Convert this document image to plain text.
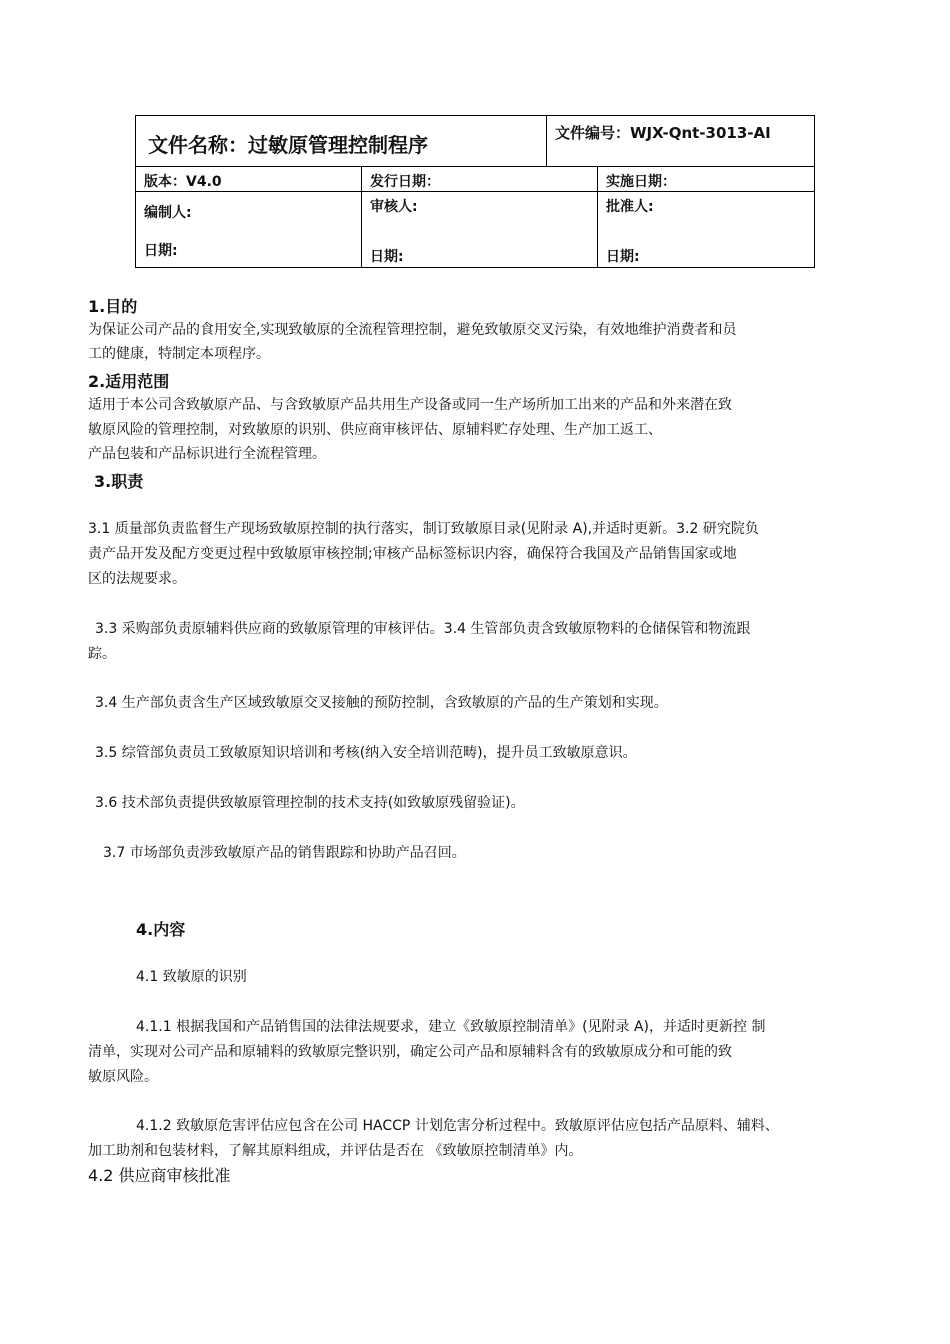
文件名称：过敏原管理控制程序	文件编号：WJX-Qnt-3013-AI
版本：V4.0	发行日期：	实施日期：
编制人:	审核人:	批准人:
日期:	日期:	日期:
1.目的
为保证公司产品的食用安全,实现致敏原的全流程管理控制，避免致敏原交叉污染，有效地维护消费者和员
工的健康，特制定本项程序。
2.适用范围
适用于本公司含致敏原产品、与含致敏原产品共用生产设备或同一生产场所加工出来的产品和外来潜在致
敏原风险的管理控制，对致敏原的识别、供应商审核评估、原辅料贮存处理、生产加工返工、
产品包装和产品标识进行全流程管理。
3.职责
3.1 质量部负责监督生产现场致敏原控制的执行落实，制订致敏原目录(见附录 A),并适时更新。3.2 研究院负
责产品开发及配方变更过程中致敏原审核控制;审核产品标签标识内容，确保符合我国及产品销售国家或地
区的法规要求。
3.3 采购部负责原辅料供应商的致敏原管理的审核评估。3.4 生管部负责含致敏原物料的仓储保管和物流跟
踪。
3.4 生产部负责含生产区域致敏原交叉接触的预防控制，含致敏原的产品的生产策划和实现。
3.5 综管部负责员工致敏原知识培训和考核(纳入安全培训范畴)，提升员工致敏原意识。
3.6 技术部负责提供致敏原管理控制的技术支持(如致敏原残留验证)。
3.7 市场部负责涉致敏原产品的销售跟踪和协助产品召回。
4.内容
4.1 致敏原的识别
4.1.1 根据我国和产品销售国的法律法规要求，建立《致敏原控制清单》(见附录 A)，并适时更新控 制
清单，实现对公司产品和原辅料的致敏原完整识别，确定公司产品和原辅料含有的致敏原成分和可能的致
敏原风险。
4.1.2 致敏原危害评估应包含在公司 HACCP 计划危害分析过程中。致敏原评估应包括产品原料、辅料、
加工助剂和包装材料，了解其原料组成，并评估是否在 《致敏原控制清单》内。
4.2 供应商审核批准
